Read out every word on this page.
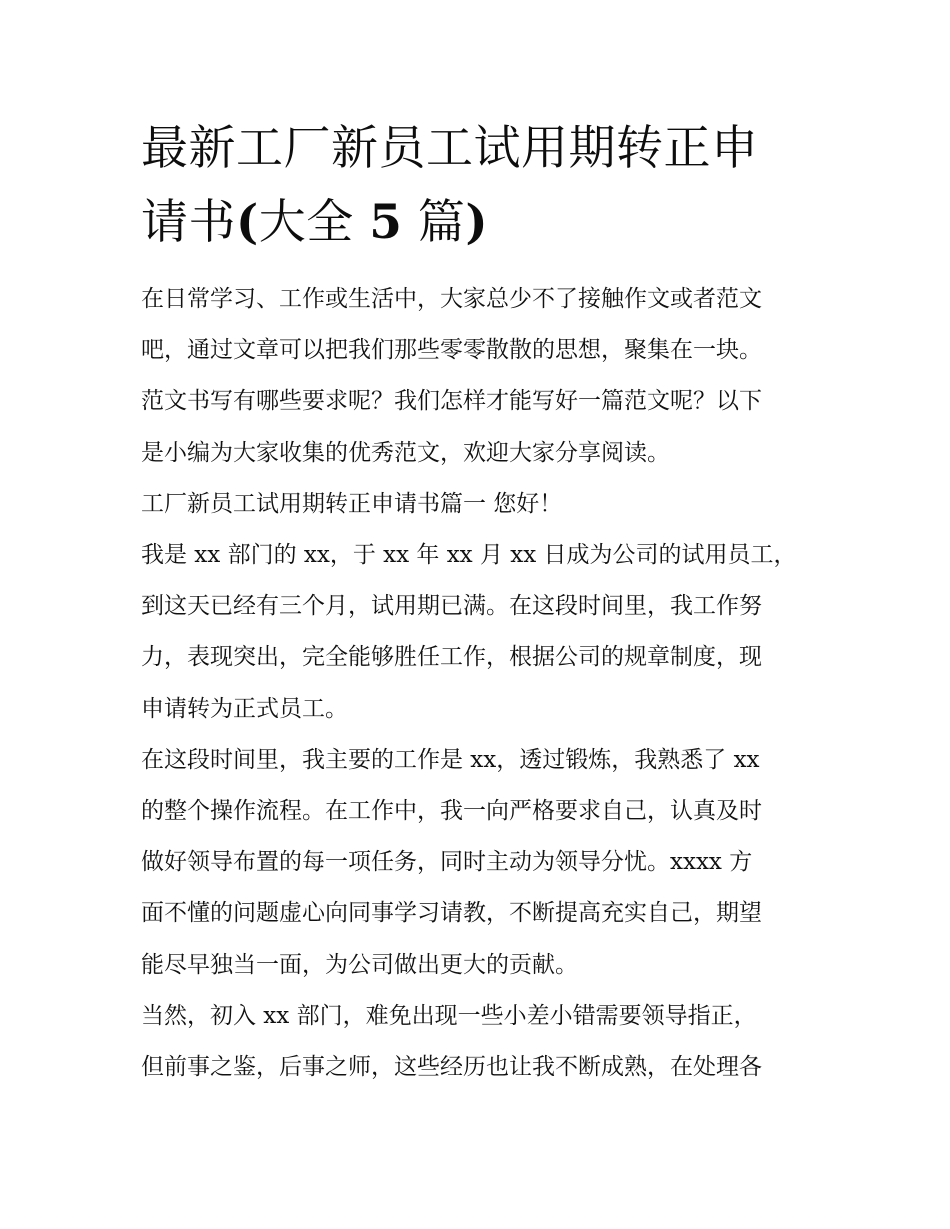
最新工厂新员工试用期转正申
请书(大全 5 篇)
在日常学习、工作或生活中，大家总少不了接触作文或者范文
吧，通过文章可以把我们那些零零散散的思想，聚集在一块。
范文书写有哪些要求呢？我们怎样才能写好一篇范文呢？以下
是小编为大家收集的优秀范文，欢迎大家分享阅读。
工厂新员工试用期转正申请书篇一 您好！
我是 xx 部门的 xx，于 xx 年 xx 月 xx 日成为公司的试用员工，
到这天已经有三个月，试用期已满。在这段时间里，我工作努
力，表现突出，完全能够胜任工作，根据公司的规章制度，现
申请转为正式员工。
在这段时间里，我主要的工作是 xx，透过锻炼，我熟悉了 xx
的整个操作流程。在工作中，我一向严格要求自己，认真及时
做好领导布置的每一项任务，同时主动为领导分忧。xxxx 方
面不懂的问题虚心向同事学习请教，不断提高充实自己，期望
能尽早独当一面，为公司做出更大的贡献。
当然，初入 xx 部门，难免出现一些小差小错需要领导指正，
但前事之鉴，后事之师，这些经历也让我不断成熟，在处理各
